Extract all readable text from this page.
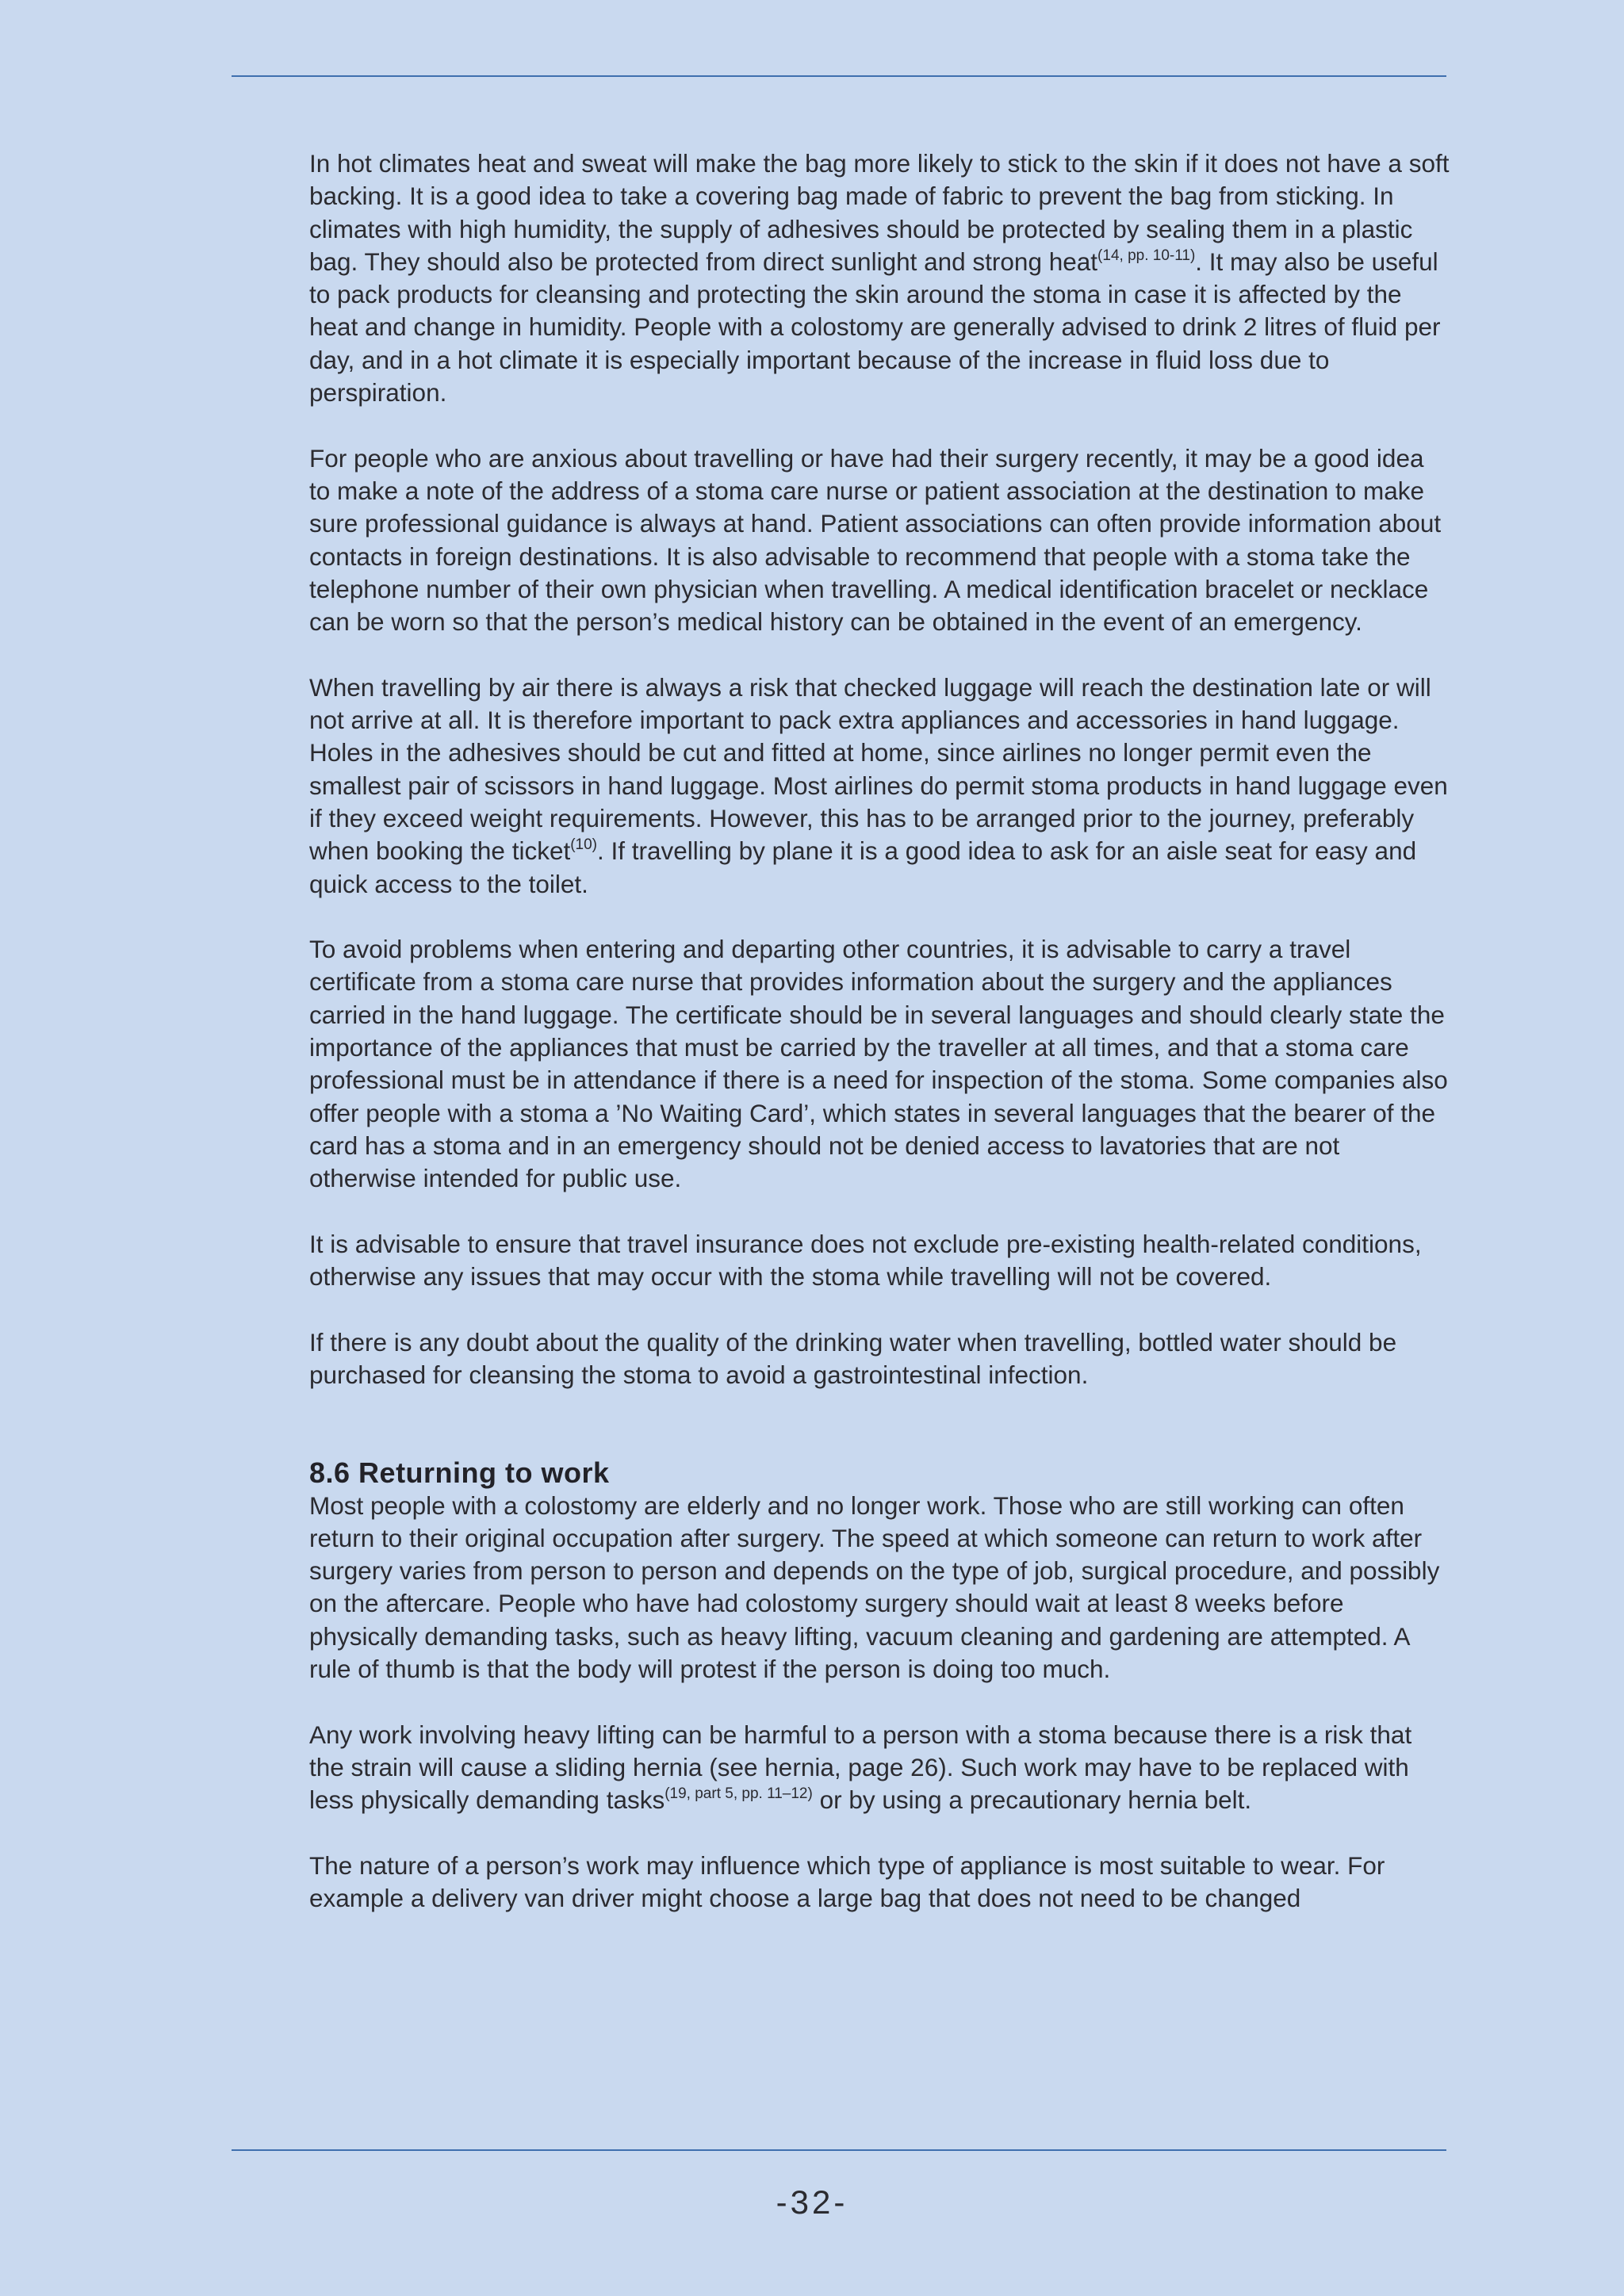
In hot climates heat and sweat will make the bag more likely to stick to the skin if it does not have a soft backing. It is a good idea to take a covering bag made of fabric to prevent the bag from sticking. In climates with high humidity, the supply of adhesives should be protected by sealing them in a plastic bag. They should also be protected from direct sunlight and strong heat$^{(14, pp. 10-11)}$. It may also be useful to pack products for cleansing and protecting the skin around the stoma in case it is affected by the heat and change in humidity. People with a colostomy are generally advised to drink 2 litres of fluid per day, and in a hot climate it is especially important because of the increase in fluid loss due to perspiration.

For people who are anxious about travelling or have had their surgery recently, it may be a good idea to make a note of the address of a stoma care nurse or patient association at the destination to make sure professional guidance is always at hand. Patient associations can often provide information about contacts in foreign destinations. It is also advisable to recommend that people with a stoma take the telephone number of their own physician when travelling. A medical identification bracelet or necklace can be worn so that the person’s medical history can be obtained in the event of an emergency.

When travelling by air there is always a risk that checked luggage will reach the destination late or will not arrive at all. It is therefore important to pack extra appliances and accessories in hand luggage. Holes in the adhesives should be cut and fitted at home, since airlines no longer permit even the smallest pair of scissors in hand luggage. Most airlines do permit stoma products in hand luggage even if they exceed weight requirements. However, this has to be arranged prior to the journey, preferably when booking the ticket$^{(10)}$. If travelling by plane it is a good idea to ask for an aisle seat for easy and quick access to the toilet.

To avoid problems when entering and departing other countries, it is advisable to carry a travel certificate from a stoma care nurse that provides information about the surgery and the appliances carried in the hand luggage. The certificate should be in several languages and should clearly state the importance of the appliances that must be carried by the traveller at all times, and that a stoma care professional must be in attendance if there is a need for inspection of the stoma. Some companies also offer people with a stoma a ’No Waiting Card’, which states in several languages that the bearer of the card has a stoma and in an emergency should not be denied access to lavatories that are not otherwise intended for public use.

It is advisable to ensure that travel insurance does not exclude pre-existing health-related conditions, otherwise any issues that may occur with the stoma while travelling will not be covered.

If there is any doubt about the quality of the drinking water when travelling, bottled water should be purchased for cleansing the stoma to avoid a gastrointestinal infection.

8.6 Returning to work

Most people with a colostomy are elderly and no longer work. Those who are still working can often return to their original occupation after surgery. The speed at which someone can return to work after surgery varies from person to person and depends on the type of job, surgical procedure, and possibly on the aftercare. People who have had colostomy surgery should wait at least 8 weeks before physically demanding tasks, such as heavy lifting, vacuum cleaning and gardening are attempted. A rule of thumb is that the body will protest if the person is doing too much.

Any work involving heavy lifting can be harmful to a person with a stoma because there is a risk that the strain will cause a sliding hernia (see hernia, page 26). Such work may have to be replaced with less physically demanding tasks$^{(19, part 5, pp. 11-12)}$ or by using a precautionary hernia belt.

The nature of a person’s work may influence which type of appliance is most suitable to wear. For example a delivery van driver might choose a large bag that does not need to be changed

-32-
